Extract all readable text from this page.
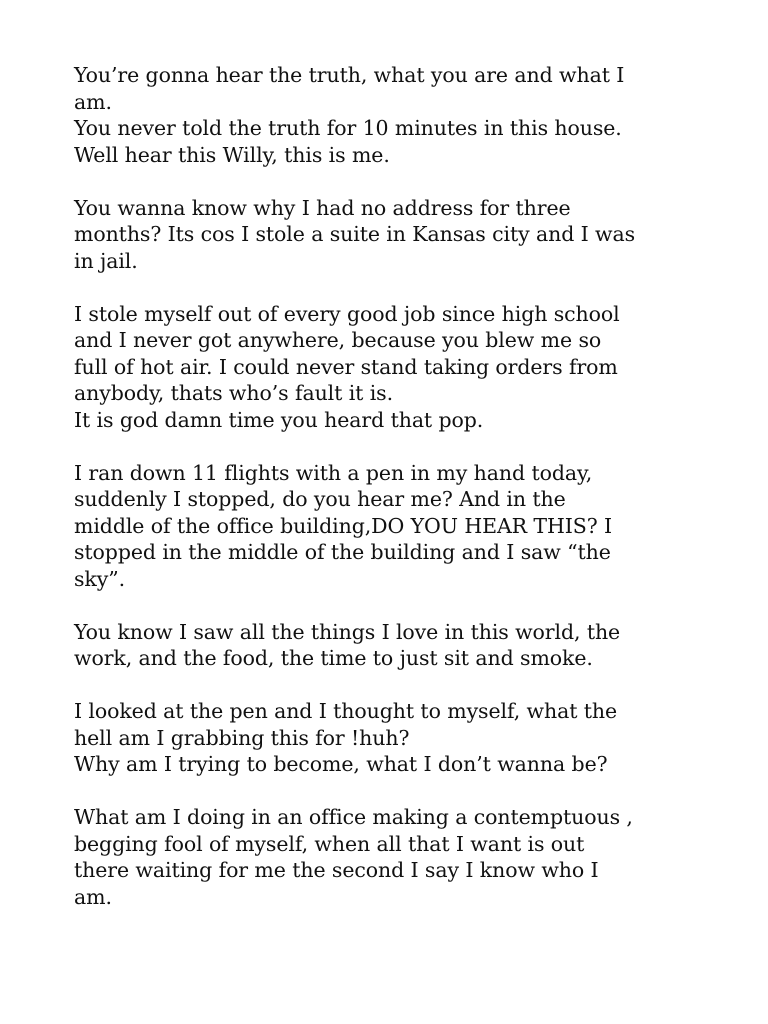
You’re gonna hear the truth, what you are and what I
am.
You never told the truth for 10 minutes in this house.
Well hear this Willy, this is me.

You wanna know why I had no address for three
months? Its cos I stole a suite in Kansas city and I was
in jail.

I stole myself out of every good job since high school
and I never got anywhere, because you blew me so
full of hot air. I could never stand taking orders from
anybody, thats who’s fault it is.
It is god damn time you heard that pop.

I ran down 11 flights with a pen in my hand today,
suddenly I stopped, do you hear me? And in the
middle of the office building,DO YOU HEAR THIS? I
stopped in the middle of the building and I saw “the
sky”.

You know I saw all the things I love in this world, the
work, and the food, the time to just sit and smoke.

I looked at the pen and I thought to myself, what the
hell am I grabbing this for !huh?
Why am I trying to become, what I don’t wanna be?

What am I doing in an office making a contemptuous ,
begging fool of myself, when all that I want is out
there waiting for me the second I say I know who I
am.
